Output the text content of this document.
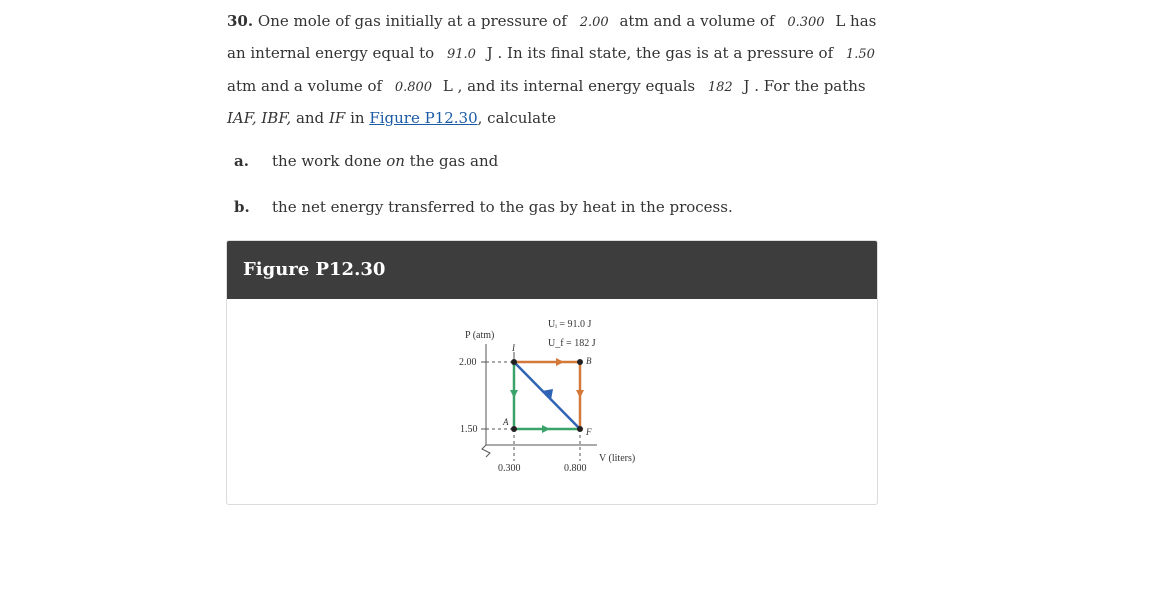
30. One mole of gas initially at a pressure of 2.00 atm and a volume of 0.300 L has an internal energy equal to 91.0 J . In its final state, the gas is at a pressure of 1.50 atm and a volume of 0.800 L , and its internal energy equals 182 J . For the paths IAF, IBF, and IF in Figure P12.30, calculate
a. the work done on the gas and
b. the net energy transferred to the gas by heat in the process.
Figure P12.30
P (atm)
V (liters)
2.00
1.50
0.300	0.800
Uᵢ = 91.0 J
U_f = 182 J
I
B
A
F
